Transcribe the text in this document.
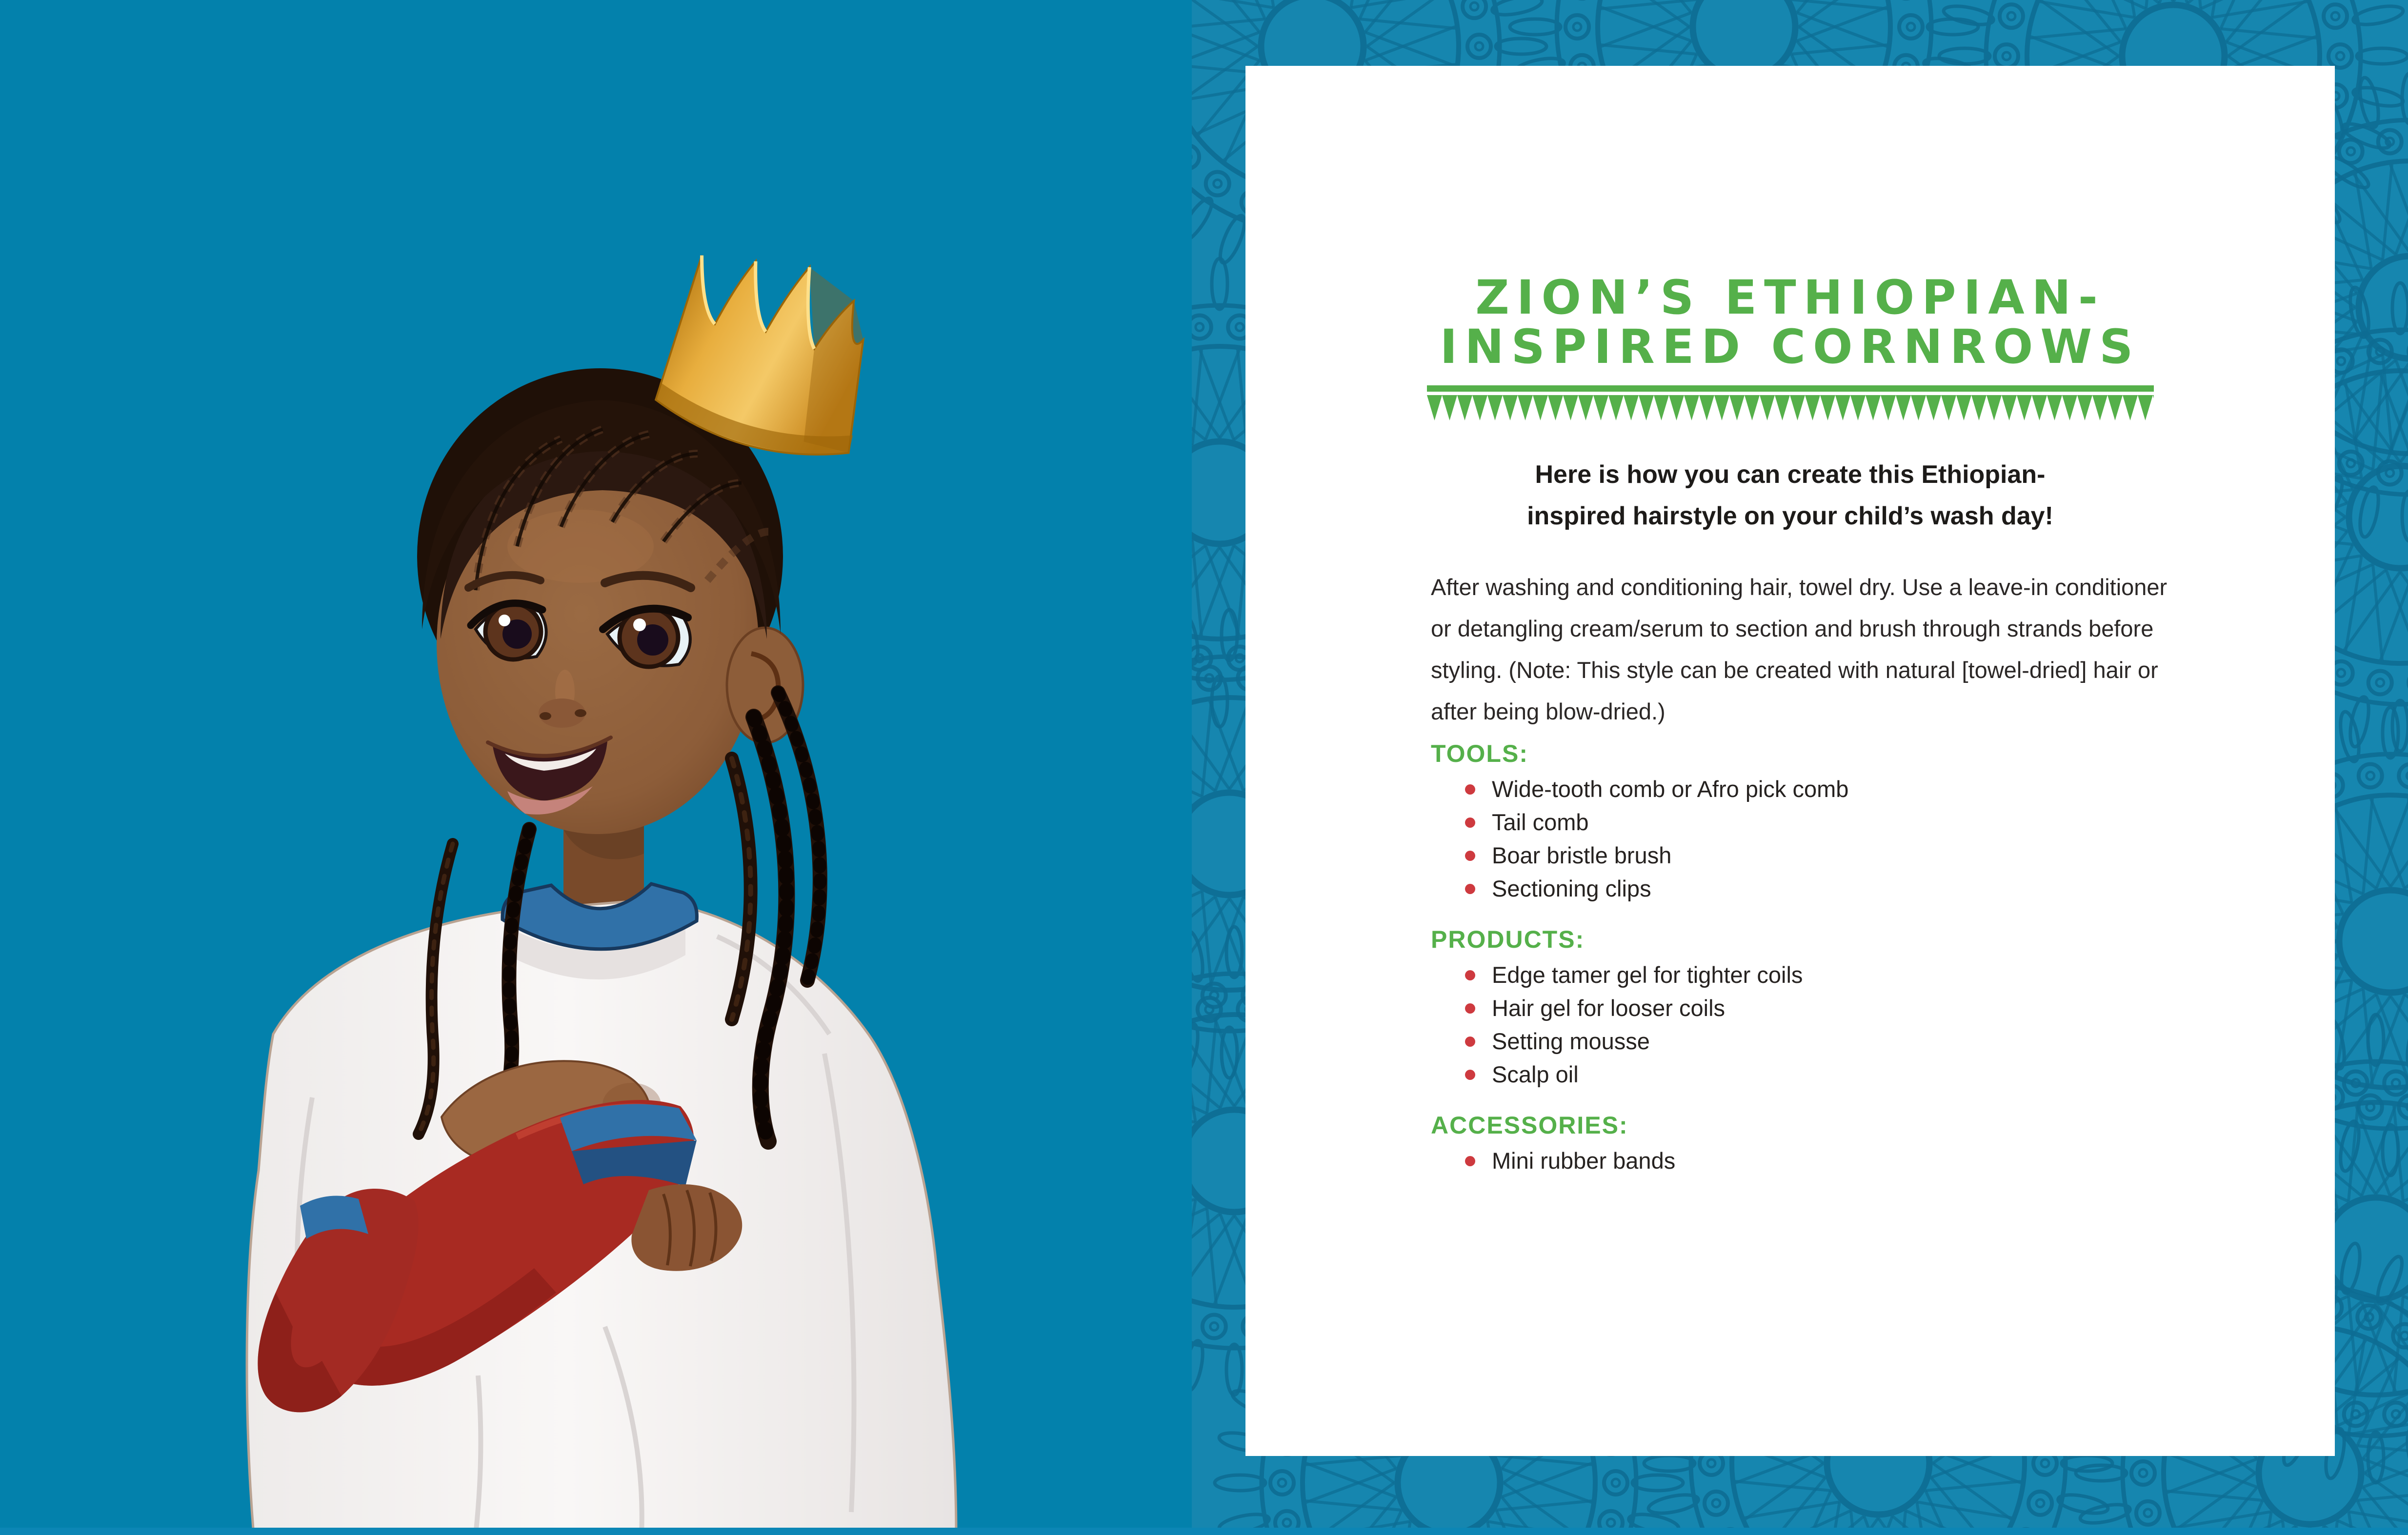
ZION’S ETHIOPIAN-
INSPIRED CORNROWS
Here is how you can create this Ethiopian-
inspired hairstyle on your child’s wash day!
After washing and conditioning hair, towel dry. Use a leave-in conditioner or detangling cream/serum to section and brush through strands before styling. (Note: This style can be created with natural [towel-dried] hair or after being blow-dried.)
TOOLS:
Wide-tooth comb or Afro pick comb
Tail comb
Boar bristle brush
Sectioning clips
PRODUCTS:
Edge tamer gel for tighter coils
Hair gel for looser coils
Setting mousse
Scalp oil
ACCESSORIES:
Mini rubber bands
